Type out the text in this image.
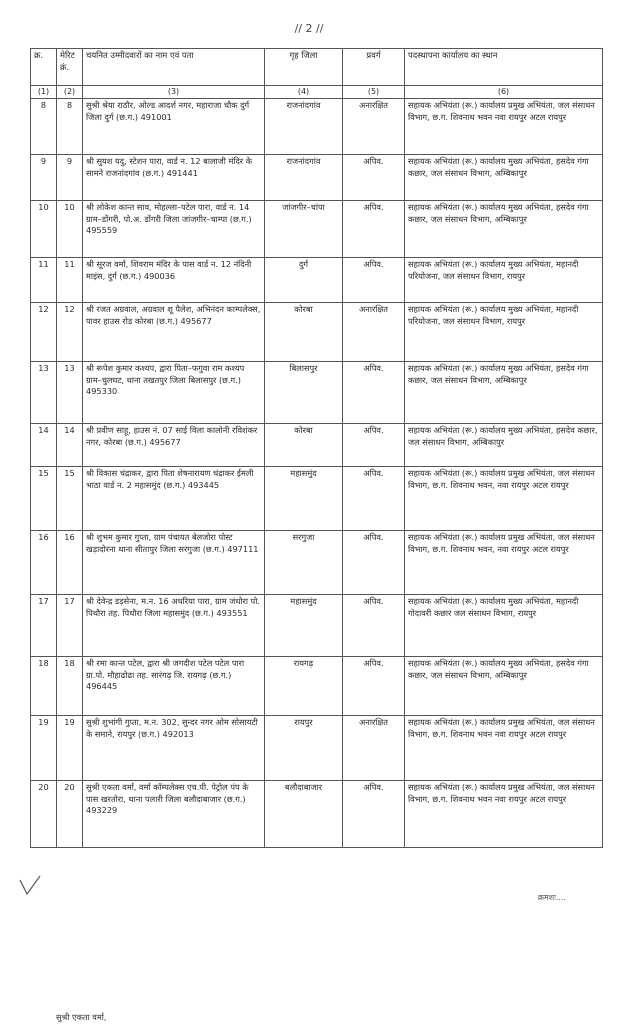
// 2 //
क्र.	मेरिट क्रं.	चयनित उम्मीदवारों का नाम एवं पता	गृह जिला	प्रवर्ग	पदस्थापना कार्यालय का स्थान
(1)	(2)	(3)	(4)	(5)	(6)
8	8	सुश्री श्रेया राठौर, ओल्ड आदर्श नगर, महाराजा चौक दुर्ग जिला दुर्ग (छ.ग.) 491001	राजनांदगांव	अनारक्षित	सहायक अभियंता (रू.) कार्यालय प्रमुख अभियंता, जल संसाधन विभाग, छ.ग. शिवनाथ भवन नवा रायपुर अटल रायपुर
9	9	श्री सुयश यदु, स्टेशन पारा, वार्ड न. 12 बालाजी मंदिर के सामने राजनांदगांव (छ.ग.) 491441	राजनांदगांव	अपिव.	सहायक अभियंता (रू.) कार्यालय मुख्य अभियंता, हसदेव गंगा कछार, जल संसाधन विभाग, अम्बिकापुर
10	10	श्री लोकेश कान्त साव, मोहल्ला–पटेल पारा, वार्ड न. 14 ग्राम–डोंगरी, पो.अ. डोंगरी जिला जांजगीर–चाम्पा (छ.ग.) 495559	जांजगीर–चांपा	अपिव.	सहायक अभियंता (रू.) कार्यालय मुख्य अभियंता, हसदेव गंगा कछार, जल संसाधन विभाग, अम्बिकापुर
11	11	श्री सूरज वर्मा, शिवराम मंदिर के पास वार्ड न. 12 नंदिनी माइंस, दुर्ग (छ.ग.) 490036	दुर्ग	अपिव.	सहायक अभियंता (रू.) कार्यालय मुख्य अभियंता, महानदी परियोजना, जल संसाधन विभाग, रायपुर
12	12	श्री रजत अग्रवाल, अग्रवाल शू पैलेश, अभिनंदन काम्पलेक्स, पावर हाउस रोड कोरबा (छ.ग.) 495677	कोरबा	अनारक्षित	सहायक अभियंता (रू.) कार्यालय मुख्य अभियंता, महानदी परियोजना, जल संसाधन विभाग, रायपुर
13	13	श्री रूपेश कुमार कश्यप, द्वारा पिता–फगुवा राम कश्यप ग्राम–चुलघट, थाना तखतपुर जिला बिलासपुर (छ.ग.) 495330	बिलासपुर	अपिव.	सहायक अभियंता (रू.) कार्यालय मुख्य अभियंता, हसदेव गंगा कछार, जल संसाधन विभाग, अम्बिकापुर
14	14	श्री प्रवीण साहू, हाउस नं. 07 साई विला कालोनी रविशंकर नगर, कोरबा (छ.ग.) 495677	कोरबा	अपिव.	सहायक अभियंता (रू.) कार्यालय मुख्य अभियंता, हसदेव कछार, जल संसाधन विभाग, अम्बिकापुर
15	15	श्री विकास चंद्राकर, द्वारा पिता शेषनारायण चंद्राकर ईमली भाठा वार्ड न. 2 महासमुंद (छ.ग.) 493445	महासमुंद	अपिव.	सहायक अभियंता (रू.) कार्यालय प्रमुख अभियंता, जल संसाधन विभाग, छ.ग. शिवनाथ भवन, नवा रायपुर अटल रायपुर
16	16	श्री शुभम कुमार गुप्ता, ग्राम पंचायत बेलजोरा पोस्ट खड़ादोरना थाना सीतापुर जिला सरगुजा (छ.ग.) 497111	सरगुजा	अपिव.	सहायक अभियंता (रू.) कार्यालय प्रमुख अभियंता, जल संसाधन विभाग, छ.ग. शिवनाथ भवन, नवा रायपुर अटल रायपुर
17	17	श्री देवेन्द्र डड़सेना, म.न. 16 अधरिया पारा, ग्राम जंधोरा पो. पिथौरा तह. पिथौरा जिला महासमुंद (छ.ग.) 493551	महासमुंद	अपिव.	सहायक अभियंता (रू.) कार्यालय मुख्य अभियंता, महानदी गोदावरी कछार जल संसाधन विभाग, रायपुर
18	18	श्री रमा कान्त पटेल, द्वारा श्री जगदीश पटेल पटेल पारा ग्रा.पो. मौहाढोढा तह. सारंगढ़ जि. रायगढ़ (छ.ग.) 496445	रायगढ़	अपिव.	सहायक अभियंता (रू.) कार्यालय मुख्य अभियंता, हसदेव गंगा कछार, जल संसाधन विभाग, अम्बिकापुर
19	19	सुश्री शुभांगी गुप्ता, म.न. 302, सुन्दर नगर ओम सोसायटी के समाने, रायपुर (छ.ग.) 492013	रायपुर	अनारक्षित	सहायक अभियंता (रू.) कार्यालय प्रमुख अभियंता, जल संसाधन विभाग, छ.ग. शिवनाथ भवन नवा रायपुर अटल रायपुर
20	20	सुश्री एकता वर्मा, वर्मा कॉम्पलेक्स एच.पी. पेट्रोल पंप के पास खरतोरा, थाना पलारी जिला बलौदाबाजार (छ.ग.) 493229	बलौदाबाजार	अपिव.	सहायक अभियंता (रू.) कार्यालय प्रमुख अभियंता, जल संसाधन विभाग, छ.ग. शिवनाथ भवन नवा रायपुर अटल रायपुर
क्रमशः....
सुश्री एकता वर्मा,
